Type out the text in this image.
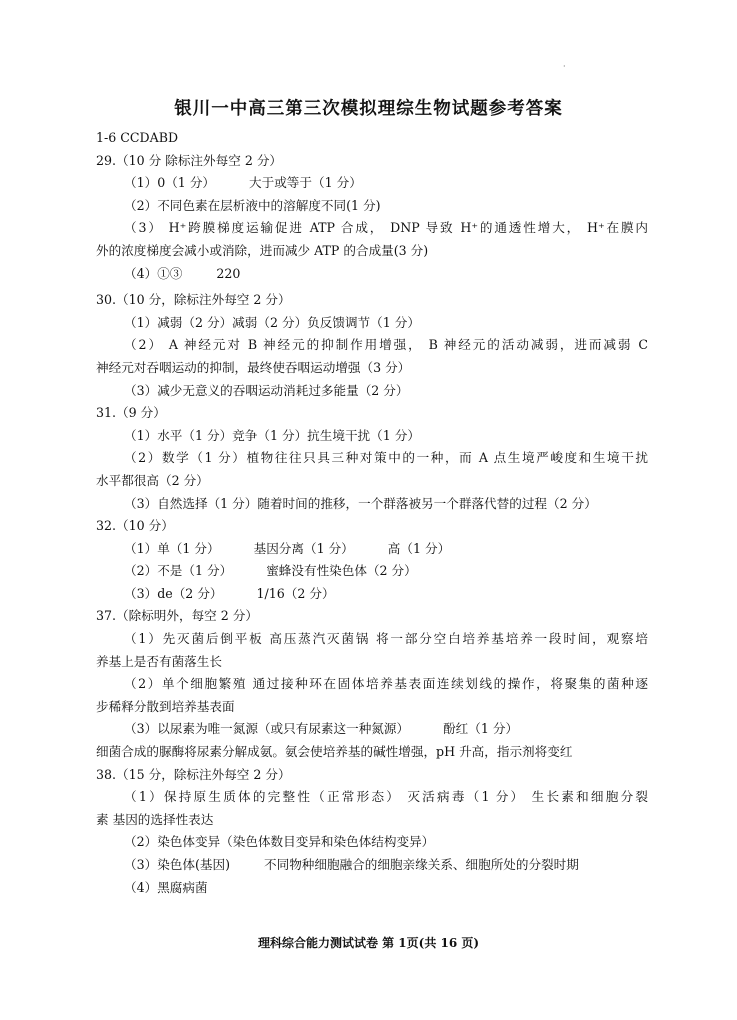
·
银川一中高三第三次模拟理综生物试题参考答案
1-6 CCDABD
29.（10 分 除标注外每空 2 分）
（1）0（1 分）	大于或等于（1 分）
（2）不同色素在层析液中的溶解度不同(1 分)
（3） H⁺跨膜梯度运输促进 ATP 合成， DNP 导致 H⁺的通透性增大， H⁺在膜内
外的浓度梯度会减小或消除，进而减少 ATP 的合成量(3 分)
（4）①③	220
30.（10 分，除标注外每空 2 分）
（1）减弱（2 分）减弱（2 分）负反馈调节（1 分）
（2） A 神经元对 B 神经元的抑制作用增强， B 神经元的活动减弱，进而减弱 C
神经元对吞咽运动的抑制，最终使吞咽运动增强（3 分）
（3）减少无意义的吞咽运动消耗过多能量（2 分）
31.（9 分）
（1）水平（1 分）竞争（1 分）抗生境干扰（1 分）
（2）数学（1 分）植物往往只具三种对策中的一种，而 A 点生境严峻度和生境干扰
水平都很高（2 分）
（3）自然选择（1 分）随着时间的推移，一个群落被另一个群落代替的过程（2 分）
32.（10 分）
（1）单（1 分）	基因分离（1 分）	高（1 分）
（2）不是（1 分）	蜜蜂没有性染色体（2 分）
（3）de（2 分）	1/16（2 分）
37.（除标明外，每空 2 分）
（1）先灭菌后倒平板 高压蒸汽灭菌锅 将一部分空白培养基培养一段时间，观察培
养基上是否有菌落生长
（2）单个细胞繁殖 通过接种环在固体培养基表面连续划线的操作，将聚集的菌种逐
步稀释分散到培养基表面
（3）以尿素为唯一氮源（或只有尿素这一种氮源）	酚红（1 分）
细菌合成的脲酶将尿素分解成氨。氨会使培养基的碱性增强，pH 升高，指示剂将变红
38.（15 分，除标注外每空 2 分）
（1）保持原生质体的完整性（正常形态） 灭活病毒（1 分） 生长素和细胞分裂
素 基因的选择性表达
（2）染色体变异（染色体数目变异和染色体结构变异）
（3）染色体(基因)	不同物种细胞融合的细胞亲缘关系、细胞所处的分裂时期
（4）黑腐病菌
理科综合能力测试试卷 第 1页(共 16 页)
